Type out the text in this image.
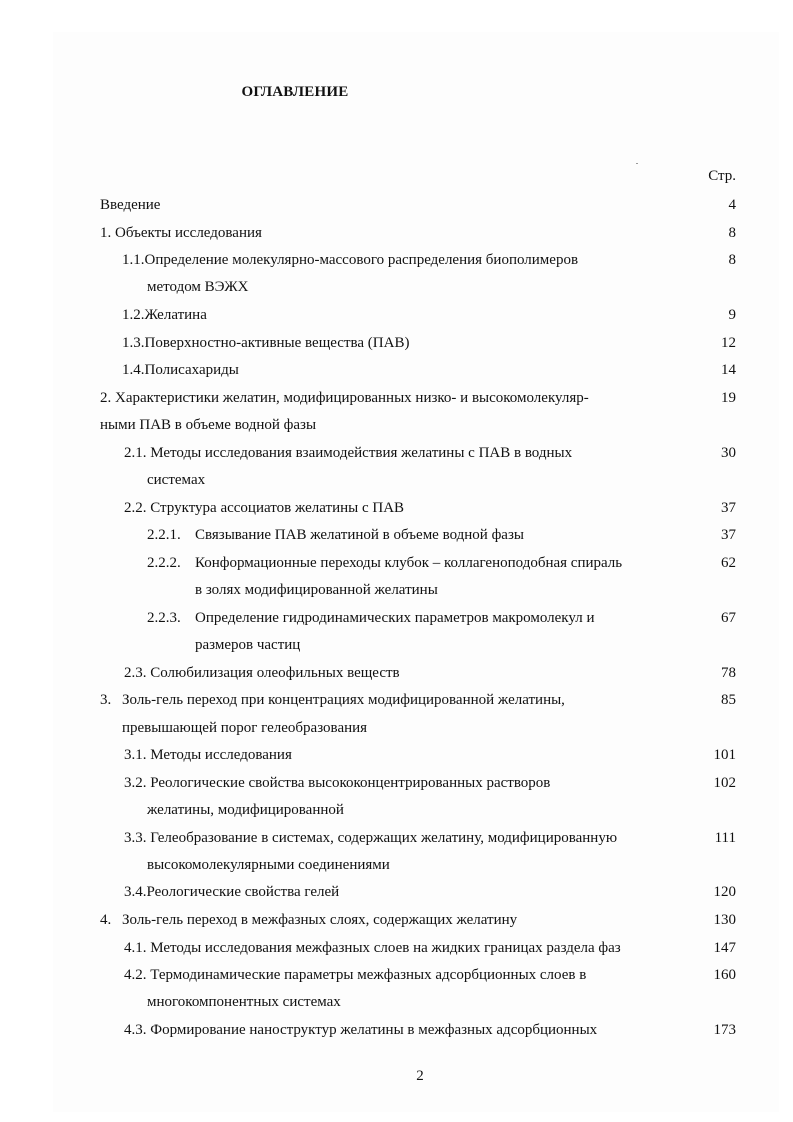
ОГЛАВЛЕНИЕ
Стр.
Введение	4
1. Объекты исследования	8
1.1.Определение молекулярно-массового распределения биополимеров	8
методом ВЭЖХ
1.2.Желатина	9
1.3.Поверхностно-активные вещества (ПАВ)	12
1.4.Полисахариды	14
2. Характеристики желатин, модифицированных низко- и высокомолекуляр-	19
ными ПАВ в объеме водной фазы
2.1. Методы исследования взаимодействия желатины с ПАВ в водных	30
системах
2.2. Структура ассоциатов желатины с ПАВ	37
2.2.1. Связывание ПАВ желатиной в объеме водной фазы	37
2.2.2. Конформационные переходы клубок – коллагеноподобная спираль	62
в золях модифицированной желатины
2.2.3. Определение гидродинамических параметров макромолекул и	67
размеров частиц
2.3. Солюбилизация олеофильных веществ	78
3. Золь-гель переход при концентрациях модифицированной желатины,	85
превышающей порог гелеобразования
3.1. Методы исследования	101
3.2. Реологические свойства высококонцентрированных растворов	102
желатины, модифицированной
3.3. Гелеобразование в системах, содержащих желатину, модифицированную	111
высокомолекулярными соединениями
3.4.Реологические свойства гелей	120
4. Золь-гель переход в межфазных слоях, содержащих желатину	130
4.1. Методы исследования межфазных слоев на жидких границах раздела фаз	147
4.2. Термодинамические параметры межфазных адсорбционных слоев в	160
многокомпонентных системах
4.3. Формирование наноструктур желатины в межфазных адсорбционных	173
2
